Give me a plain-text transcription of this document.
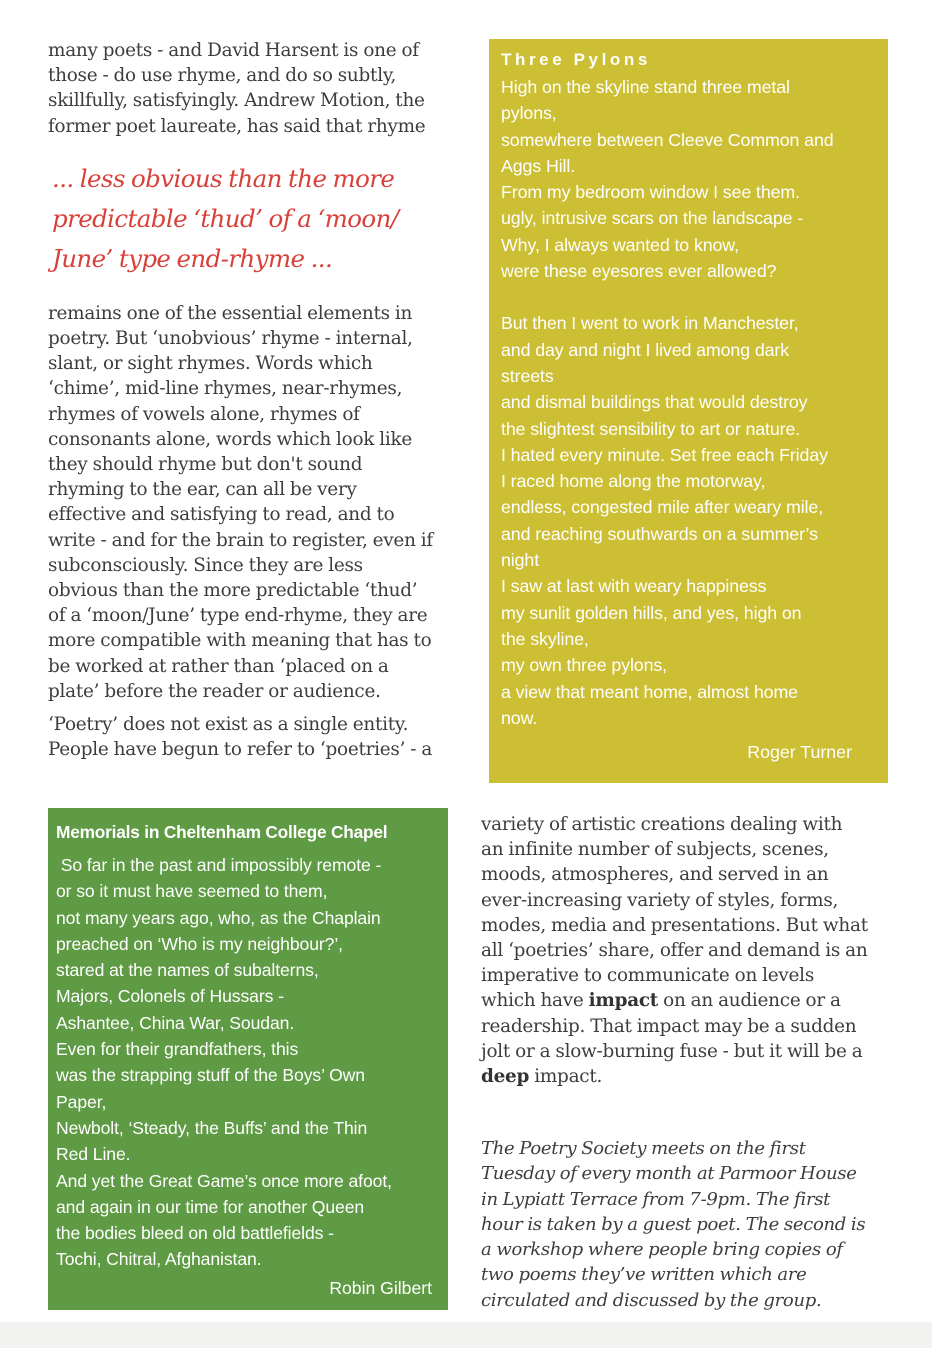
many poets - and David Harsent is one of
those - do use rhyme, and do so subtly,
skillfully, satisfyingly. Andrew Motion, the
former poet laureate, has said that rhyme

... less obvious than the more
predictable ‘thud’ of a ‘moon/
June’ type end-rhyme ...

remains one of the essential elements in
poetry. But ‘unobvious’ rhyme - internal,
slant, or sight rhymes. Words which
‘chime’, mid-line rhymes, near-rhymes,
rhymes of vowels alone, rhymes of
consonants alone, words which look like
they should rhyme but don't sound
rhyming to the ear, can all be very
effective and satisfying to read, and to
write - and for the brain to register, even if
subconsciously. Since they are less
obvious than the more predictable ‘thud’
of a ‘moon/June’ type end-rhyme, they are
more compatible with meaning that has to
be worked at rather than ‘placed on a
plate’ before the reader or audience.

‘Poetry’ does not exist as a single entity.
People have begun to refer to ‘poetries’ - a

Three Pylons
High on the skyline stand three metal
pylons,
somewhere between Cleeve Common and
Aggs Hill.
From my bedroom window I see them.
ugly, intrusive scars on the landscape -
Why, I always wanted to know,
were these eyesores ever allowed?
But then I went to work in Manchester,
and day and night I lived among dark
streets
and dismal buildings that would destroy
the slightest sensibility to art or nature.
I hated every minute. Set free each Friday
I raced home along the motorway,
endless, congested mile after weary mile,
and reaching southwards on a summer’s
night
I saw at last with weary happiness
my sunlit golden hills, and yes, high on
the skyline,
my own three pylons,
a view that meant home, almost home
now.
Roger Turner
Memorials in Cheltenham College Chapel
So far in the past and impossibly remote -
or so it must have seemed to them,
not many years ago, who, as the Chaplain
preached on ‘Who is my neighbour?’,
stared at the names of subalterns,
Majors, Colonels of Hussars -
Ashantee, China War, Soudan.
Even for their grandfathers, this
was the strapping stuff of the Boys’ Own
Paper,
Newbolt, ‘Steady, the Buffs’ and the Thin
Red Line.
And yet the Great Game’s once more afoot,
and again in our time for another Queen
the bodies bleed on old battlefields -
Tochi, Chitral, Afghanistan.
Robin Gilbert

variety of artistic creations dealing with
an infinite number of subjects, scenes,
moods, atmospheres, and served in an
ever-increasing variety of styles, forms,
modes, media and presentations. But what
all ‘poetries’ share, offer and demand is an
imperative to communicate on levels
which have impact on an audience or a
readership. That impact may be a sudden
jolt or a slow-burning fuse - but it will be a
deep impact.

The Poetry Society meets on the first
Tuesday of every month at Parmoor House
in Lypiatt Terrace from 7-9pm. The first
hour is taken by a guest poet. The second is
a workshop where people bring copies of
two poems they’ve written which are
circulated and discussed by the group.
